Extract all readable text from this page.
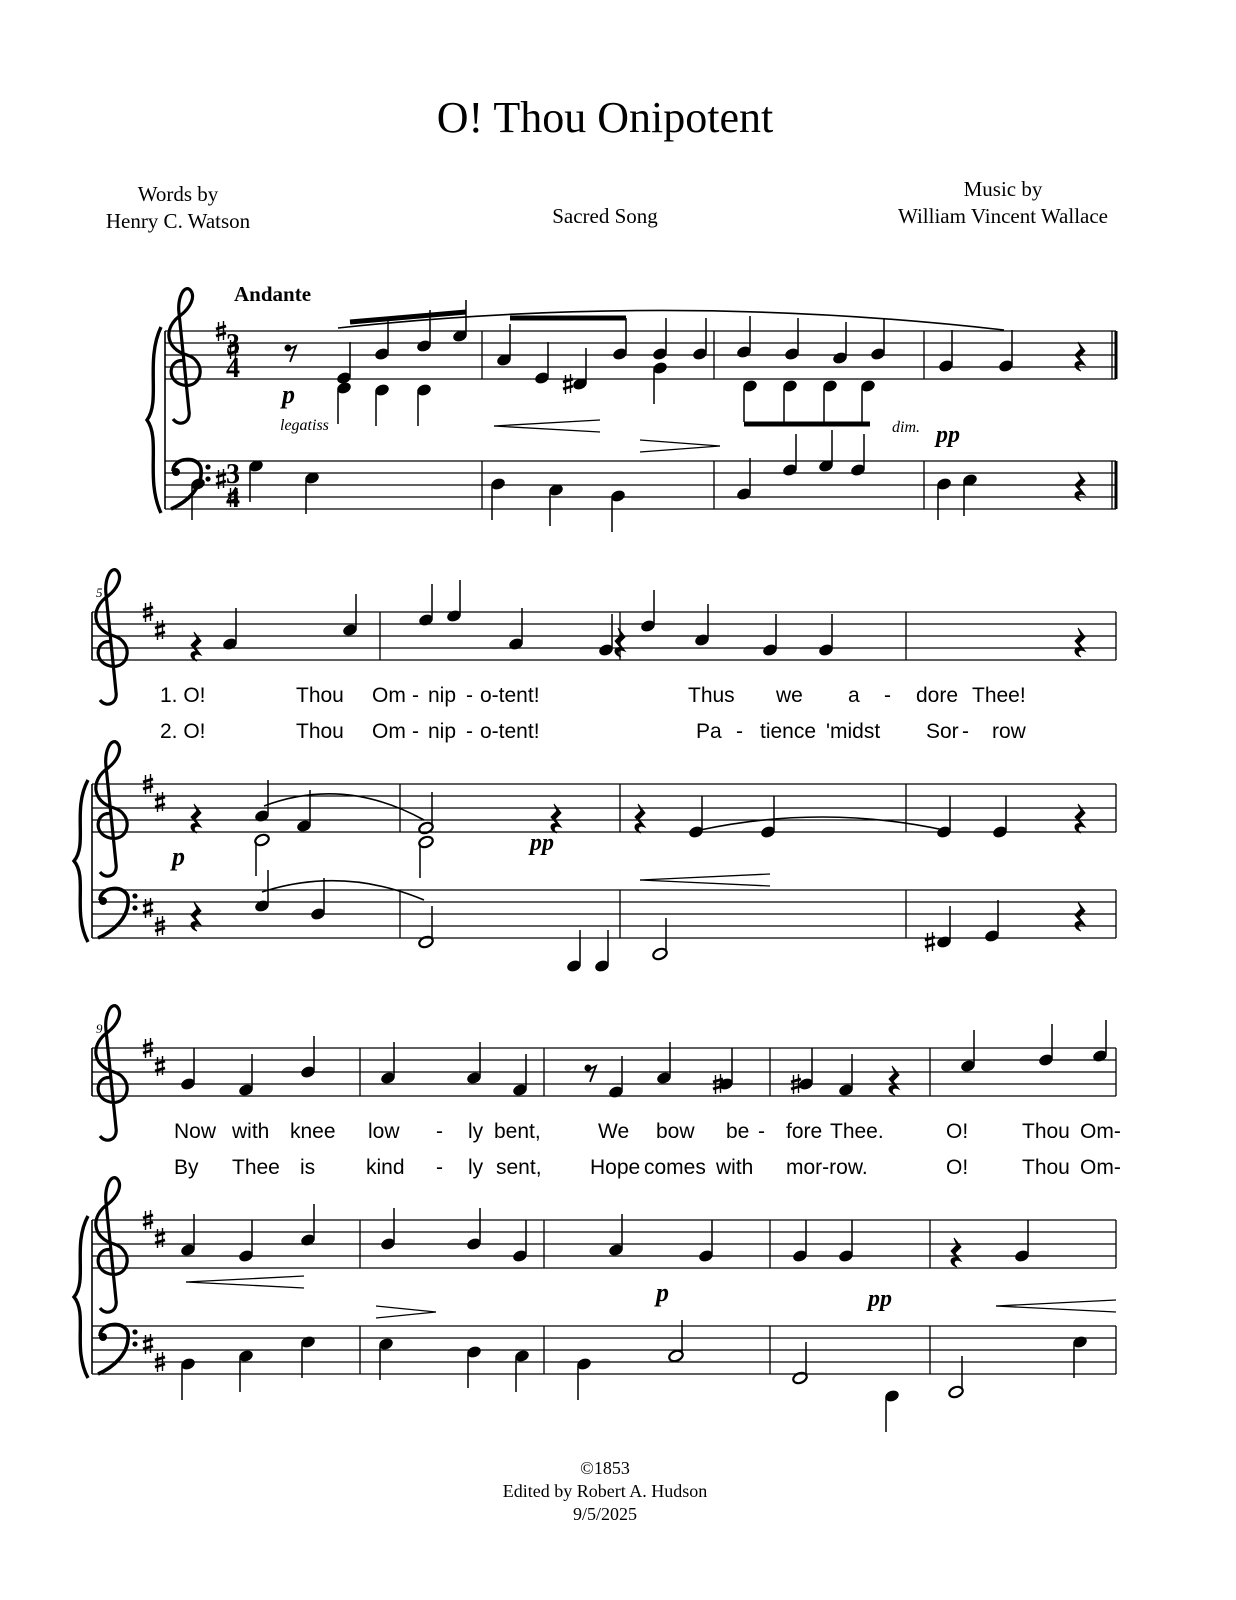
O! Thou Onipotent
Words by
Henry C. Watson	Sacred Song
Music by
William Vincent Wallace
3
4
3
4
Andante
5
9
p
legatiss	dim. pp
p	pp
p	pp
1. O!	Thou Om - nip - o-tent!	Thus we a - dore Thee!
2. O!	Thou Om - nip - o-tent!	Pa - tience 'midst Sor - row
Now with knee low - ly bent,	We bow be - fore Thee.	O!	Thou Om-
By Thee is kind - ly sent, Hope comes with mor-row.	O!	Thou Om-
©1853
Edited by Robert A. Hudson
9/5/2025
